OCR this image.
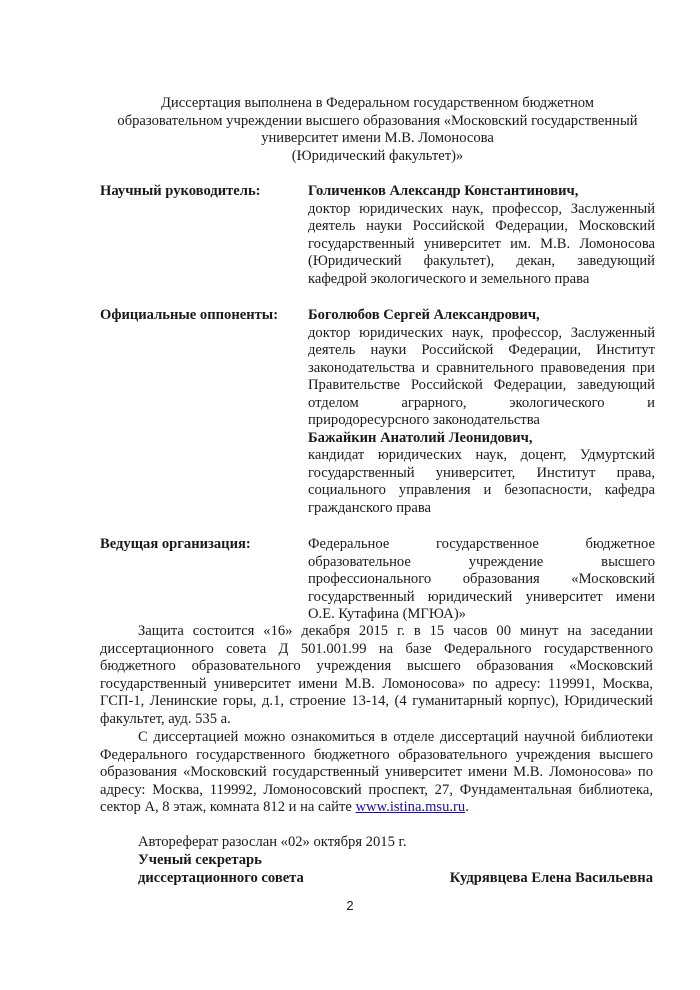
Диссертация выполнена в Федеральном государственном бюджетном
образовательном учреждении высшего образования «Московский государственный
университет имени М.В. Ломоносова
(Юридический факультет)»
Научный руководитель:	Голиченков Александр Константинович,
доктор юридических наук, профессор, Заслуженный деятель науки Российской Федерации, Московский государственный университет им. М.В. Ломоносова (Юридический факультет), декан, заведующий кафедрой экологического и земельного права
Официальные оппоненты: Боголюбов Сергей Александрович,
доктор юридических наук, профессор, Заслуженный деятель науки Российской Федерации, Институт законодательства и сравнительного правоведения при Правительстве Российской Федерации, заведующий отделом аграрного, экологического и природоресурсного законодательства
Бажайкин Анатолий Леонидович,
кандидат юридических наук, доцент, Удмуртский государственный университет, Институт права, социального управления и безопасности, кафедра гражданского права
Ведущая организация:	Федеральное государственное бюджетное образовательное учреждение высшего профессионального образования «Московский государственный юридический университет имени О.Е. Кутафина (МГЮА)»
Защита состоится «16» декабря 2015 г. в 15 часов 00 минут на заседании диссертационного совета Д 501.001.99 на базе Федерального государственного бюджетного образовательного учреждения высшего образования «Московский государственный университет имени М.В. Ломоносова» по адресу: 119991, Москва, ГСП-1, Ленинские горы, д.1, строение 13-14, (4 гуманитарный корпус), Юридический факультет, ауд. 535 а.
С диссертацией можно ознакомиться в отделе диссертаций научной библиотеки Федерального государственного бюджетного образовательного учреждения высшего образования «Московский государственный университет имени М.В. Ломоносова» по адресу: Москва, 119992, Ломоносовский проспект, 27, Фундаментальная библиотека, сектор А, 8 этаж, комната 812 и на сайте www.istina.msu.ru.
Автореферат разослан «02» октября 2015 г.
Ученый секретарь
диссертационного совета	Кудрявцева Елена Васильевна
2
